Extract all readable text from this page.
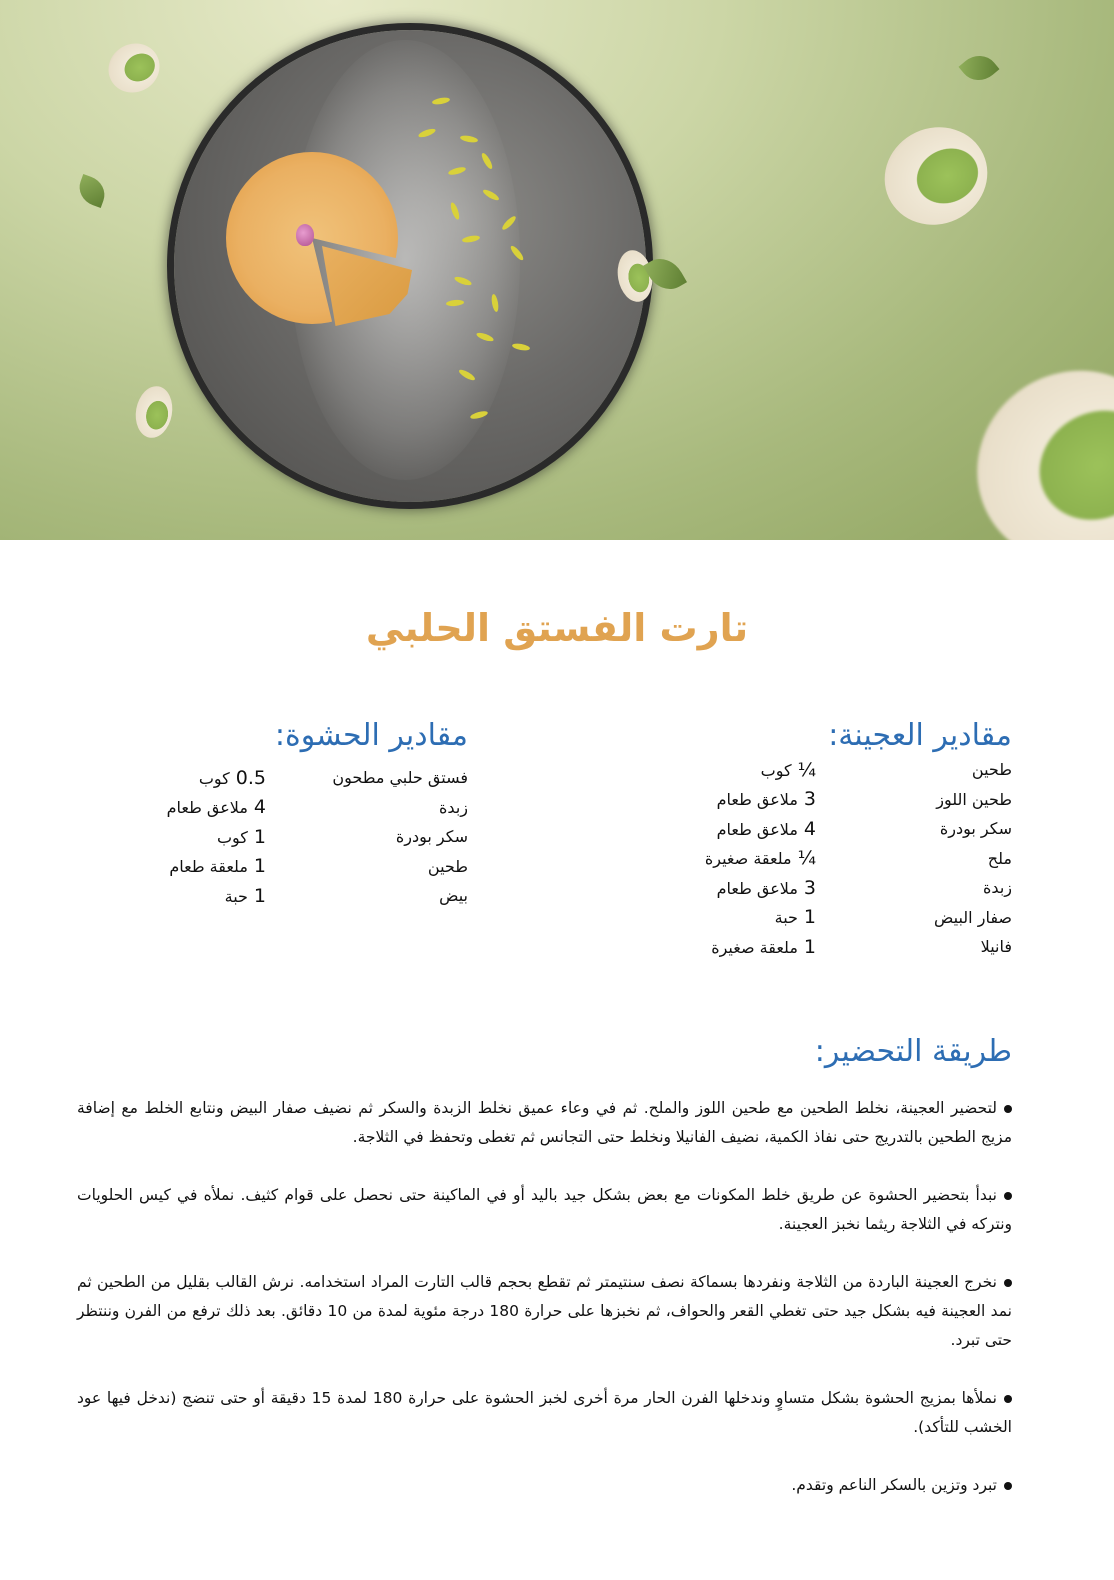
تارت الفستق الحلبي
مقادير العجينة:
طحين	¼كوب
طحين اللوز	3ملاعق طعام
سكر بودرة	4ملاعق طعام
ملح	¼ملعقة صغيرة
زبدة	3ملاعق طعام
صفار البيض	1حبة
فانيلا	1ملعقة صغيرة
مقادير الحشوة:
فستق حلبي مطحون	0.5كوب
زبدة	4ملاعق طعام
سكر بودرة	1كوب
طحين	1ملعقة طعام
بيض	1حبة
طريقة التحضير:
لتحضير العجينة، نخلط الطحين مع طحين اللوز والملح. ثم في وعاء عميق نخلط الزبدة والسكر ثم نضيف صفار البيض ونتابع الخلط مع إضافة مزيج الطحين بالتدريج حتى نفاذ الكمية، نضيف الفانيلا ونخلط حتى التجانس ثم تغطى وتحفظ في الثلاجة.
نبدأ بتحضير الحشوة عن طريق خلط المكونات مع بعض بشكل جيد باليد أو في الماكينة حتى نحصل على قوام كثيف. نملأه في كيس الحلويات ونتركه في الثلاجة ريثما نخبز العجينة.
نخرج العجينة الباردة من الثلاجة ونفردها بسماكة نصف سنتيمتر ثم تقطع بحجم قالب التارت المراد استخدامه. نرش القالب بقليل من الطحين ثم نمد العجينة فيه بشكل جيد حتى تغطي القعر والحواف، ثم نخبزها على حرارة 180 درجة مئوية لمدة من 10 دقائق. بعد ذلك ترفع من الفرن وننتظر حتى تبرد.
نملأها بمزيج الحشوة بشكل متساوٍ وندخلها الفرن الحار مرة أخرى لخبز الحشوة على حرارة 180 لمدة 15 دقيقة أو حتى تنضج (ندخل فيها عود الخشب للتأكد).
تبرد وتزين بالسكر الناعم وتقدم.
